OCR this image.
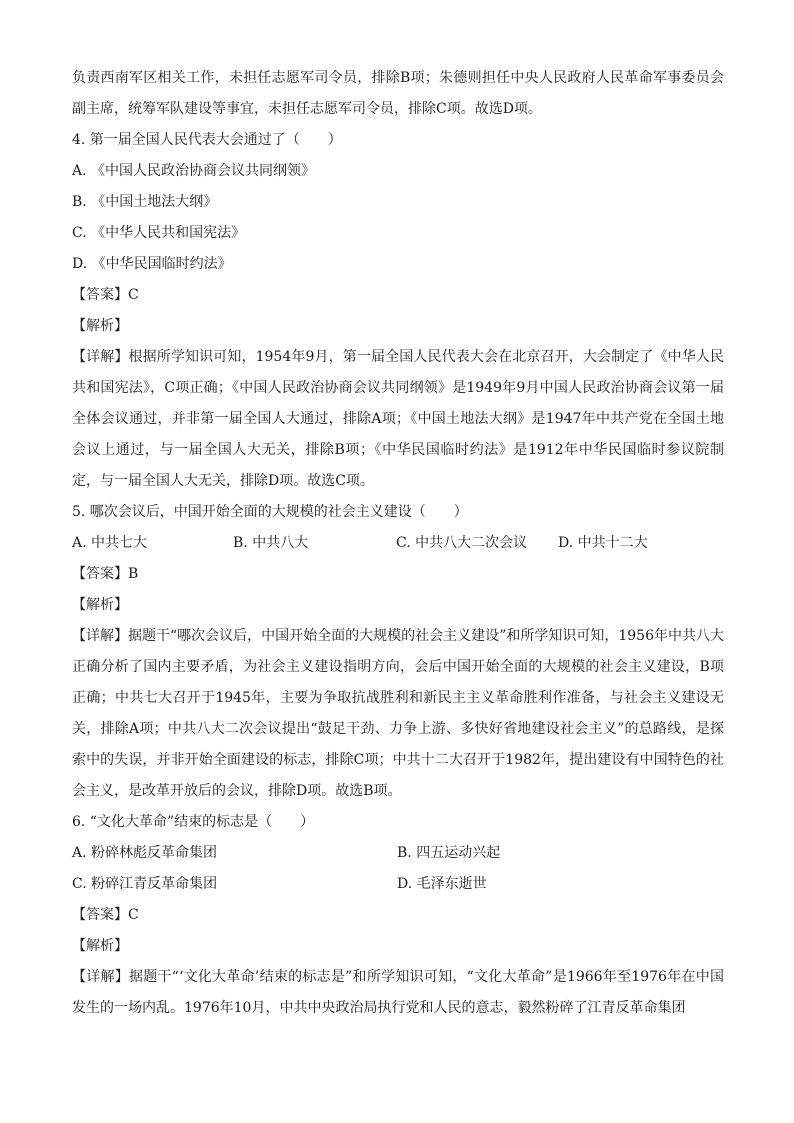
负责西南军区相关工作，未担任志愿军司令员，排除B项；朱德则担任中央人民政府人民革命军事委员会副主席，统筹军队建设等事宜，未担任志愿军司令员，排除C项。故选D项。
4. 第一届全国人民代表大会通过了（　　）
A. 《中国人民政治协商会议共同纲领》
B. 《中国土地法大纲》
C. 《中华人民共和国宪法》
D. 《中华民国临时约法》
【答案】C
【解析】
【详解】根据所学知识可知，1954年9月，第一届全国人民代表大会在北京召开，大会制定了《中华人民共和国宪法》，C项正确；《中国人民政治协商会议共同纲领》是1949年9月中国人民政治协商会议第一届全体会议通过，并非第一届全国人大通过，排除A项；《中国土地法大纲》是1947年中共产党在全国土地会议上通过，与一届全国人大无关，排除B项；《中华民国临时约法》是1912年中华民国临时参议院制定，与一届全国人大无关，排除D项。故选C项。
5. 哪次会议后，中国开始全面的大规模的社会主义建设（　　）
A. 中共七大	B. 中共八大	C. 中共八大二次会议	D. 中共十二大
【答案】B
【解析】
【详解】据题干“哪次会议后，中国开始全面的大规模的社会主义建设”和所学知识可知，1956年中共八大正确分析了国内主要矛盾，为社会主义建设指明方向，会后中国开始全面的大规模的社会主义建设，B项正确；中共七大召开于1945年，主要为争取抗战胜利和新民主主义革命胜利作准备，与社会主义建设无关，排除A项；中共八大二次会议提出“鼓足干劲、力争上游、多快好省地建设社会主义”的总路线，是探索中的失误，并非开始全面建设的标志，排除C项；中共十二大召开于1982年，提出建设有中国特色的社会主义，是改革开放后的会议，排除D项。故选B项。
6. “文化大革命”结束的标志是（　　）
A. 粉碎林彪反革命集团	B. 四五运动兴起
C. 粉碎江青反革命集团	D. 毛泽东逝世
【答案】C
【解析】
【详解】据题干“‘文化大革命’结束的标志是”和所学知识可知，“文化大革命”是1966年至1976年在中国发生的一场内乱。1976年10月，中共中央政治局执行党和人民的意志，毅然粉碎了江青反革命集团
